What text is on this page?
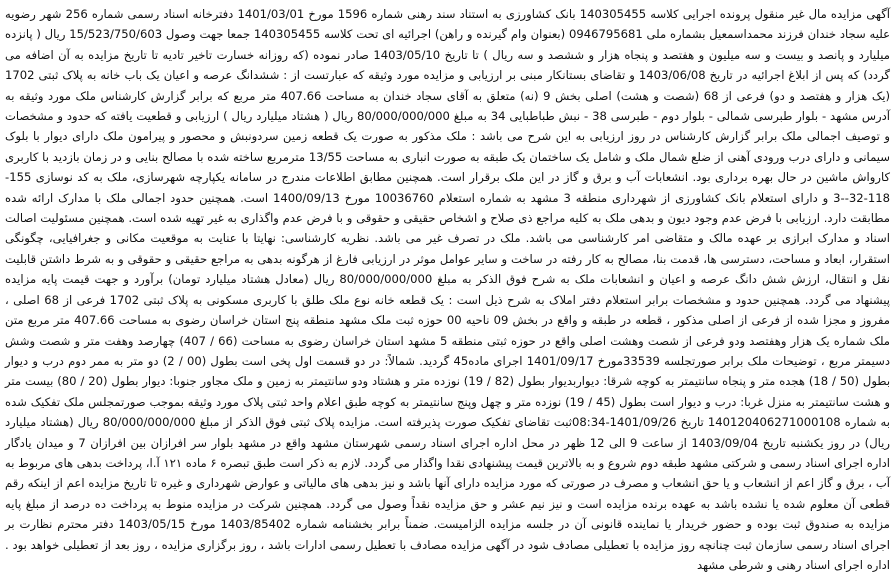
آگهی مزایده مال غیر منقول پرونده اجرایی کلاسه 140305455 بانک کشاورزی به استناد سند رهنی شماره 1596 مورخ 1401/03/01 دفترخانه اسناد رسمی شماره 256 شهر رضویه علیه سجاد خندان فرزند محمداسمعیل بشماره ملی 0946795681 (بعنوان وام گیرنده و راهن) اجرائیه ای تحت کلاسه 140305455 جمعا جهت وصول 15/523/750/603 ریال ( پانزده میلیارد و پانصد و بیست و سه میلیون و هفتصد و پنجاه هزار و ششصد و سه ریال ) تا تاریخ 1403/05/10 صادر نموده (که روزانه خسارت تاخیر تادیه تا تاریخ مزایده به آن اضافه می گردد) که پس از ابلاغ اجرائیه در تاریخ 1403/06/08 و تقاضای بستانکار مبنی بر ارزیابی و مزایده مورد وثیقه که عبارتست از : ششدانگ عرصه و اعیان یک باب خانه به پلاک ثبتی 1702 (یک هزار و هفتصد و دو) فرعی از 68 (شصت و هشت) اصلی بخش 9 (نه) متعلق به آقای سجاد خندان به مساحت 407.66 متر مربع که برابر گزارش کارشناس ملک مورد وثیقه به آدرس مشهد - بلوار طبرسی شمالی - بلوار دوم - طبرسی 38 - نبش طباطبایی 34 به مبلغ 80/000/000/000 ریال ( هشتاد میلیارد ریال ) ارزیابی و قطعیت یافته که حدود و مشخصات و توصیف اجمالی ملک برابر گزارش کارشناس در روز ارزیابی به این شرح می باشد : ملک مذکور به صورت یک قطعه زمین سردونبش و محصور و پیرامون ملک دارای دیوار با بلوک سیمانی و دارای درب ورودی آهنی از ضلع شمال ملک و شامل یک ساختمان یک طبقه به صورت انباری به مساحت 13/55 مترمربع ساخته شده با مصالح بنایی و در زمان بازدید با کاربری کارواش ماشین در حال بهره برداری بود. انشعابات آب و برق و گاز در این ملک برقرار است. همچنین مطابق اطلاعات مندرج در سامانه یکپارچه شهرسازی، ملک به کد نوسازی 155-118-32--3 و دارای استعلام بانک کشاورزی از شهرداری منطقه 3 مشهد به شماره استعلام 10036760 مورخ 1400/09/13 است. همچنین حدود اجمالی ملک با مدارک ارائه شده مطابقت دارد. ارزیابی با فرض عدم وجود دیون و بدهی ملک به کلیه مراجع ذی صلاح و اشخاص حقیقی و حقوقی و با فرض عدم واگذاری به غیر تهیه شده است. همچنین مسئولیت اصالت اسناد و مدارک ابرازی بر عهده مالک و متقاضی امر کارشناسی می باشد. ملک در تصرف غیر می باشد. نظریه کارشناسی: نهایتا با عنایت به موقعیت مکانی و جغرافیایی، چگونگی استقرار، ابعاد و مساحت، دسترسی ها، قدمت بنا، مصالح به کار رفته در ساخت و سایر عوامل موثر در ارزیابی فارغ از هرگونه بدهی به مراجع حقیقی و حقوقی و به شرط داشتن قابلیت نقل و انتقال، ارزش شش دانگ عرصه و اعیان و انشعابات ملک به شرح فوق الذکر به مبلغ 80/000/000/000 ریال (معادل هشتاد میلیارد تومان) برآورد و جهت قیمت پایه مزایده پیشنهاد می گردد. همچنین حدود و مشخصات برابر استعلام دفتر املاک به شرح ذیل است : یک قطعه خانه نوع ملک طلق با کاربری مسکونی به پلاک ثبتی 1702 فرعی از 68 اصلی ، مفروز و مجزا شده از فرعی از اصلی مذکور ، قطعه در طبقه و واقع در بخش 09 ناحیه 00 حوزه ثبت ملک مشهد منطقه پنج استان خراسان رضوی به مساحت 407.66 متر مربع متن ملک شماره یک هزار وهفتصد ودو فرعی از شصت وهشت اصلی واقع در حوزه ثبتی منطقه 5 مشهد استان خراسان رضوی به مساحت (66 / 407) چهارصد وهفت متر و شصت وشش دسیمتر مربع ، توضیحات ملک برابر صورتجلسه 33539مورخ 1401/09/17 اجرای ماده45 گردید. شمالاً: در دو قسمت اول پخی است بطول (00 / 2) دو متر به ممر دوم درب و دیوار بطول (50 / 18) هجده متر و پنجاه سانتیمتر به کوچه شرقا: دیواربدیوار بطول (82 / 19) نوزده متر و هشتاد ودو سانتیمتر به زمین و ملک مجاور جنوبا: دیوار بطول (20 / 80) بیست متر و هشت سانتیمتر به منزل غربا: درب و دیوار است بطول (45 / 19) نوزده متر و چهل وپنج سانتیمتر به کوچه طبق اعلام واحد ثبتی پلاک مورد وثیقه بموجب صورتمجلس ملک تفکیک شده به شماره 140120406271000108 تاریخ 1401/09/26-08:34ثبت تقاضای تفکیک صورت پذیرفته است. مزایده پلاک ثبتی فوق الذکر از مبلغ 80/000/000/000 ریال (هشتاد میلیارد ریال) در روز یکشنبه تاریخ 1403/09/04 از ساعت 9 الی 12 ظهر در محل اداره اجرای اسناد رسمی شهرستان مشهد واقع در مشهد بلوار سر افرازان بین افرازان 7 و میدان یادگار اداره اجرای اسناد رسمی و شرکتی مشهد طبقه دوم شروع و به بالاترین قیمت پیشنهادی نقدا واگذار می گردد. لازم به ذکر است طبق تبصره ۶ ماده ۱۲۱ آ.ا، پرداخت بدهی های مربوط به آب ، برق و گاز اعم از انشعاب و یا حق انشعاب و مصرف در صورتی که مورد مزایده دارای آنها باشد و نیز بدهی های مالیاتی و عوارض شهرداری و غیره تا تاریخ مزایده اعم از اینکه رقم قطعی آن معلوم شده یا نشده باشد به عهده برنده مزایده است و نیز نیم عشر و حق مزایده نقداً وصول می گردد. همچنین شرکت در مزایده منوط به پرداخت ده درصد از مبلغ پایه مزایده به صندوق ثبت بوده و حضور خریدار یا نماینده قانونی آن در جلسه مزایده الزامیست. ضمناً برابر بخشنامه شماره 1403/85402 مورخ 1403/05/15 دفتر محترم نظارت بر اجرای اسناد رسمی سازمان ثبت چنانچه روز مزایده با تعطیلی مصادف شود در آگهی مزایده مصادف با تعطیل رسمی ادارات باشد ، روز برگزاری مزایده ، روز بعد از تعطیلی خواهد بود . اداره اجرای اسناد رهنی و شرطی مشهد
